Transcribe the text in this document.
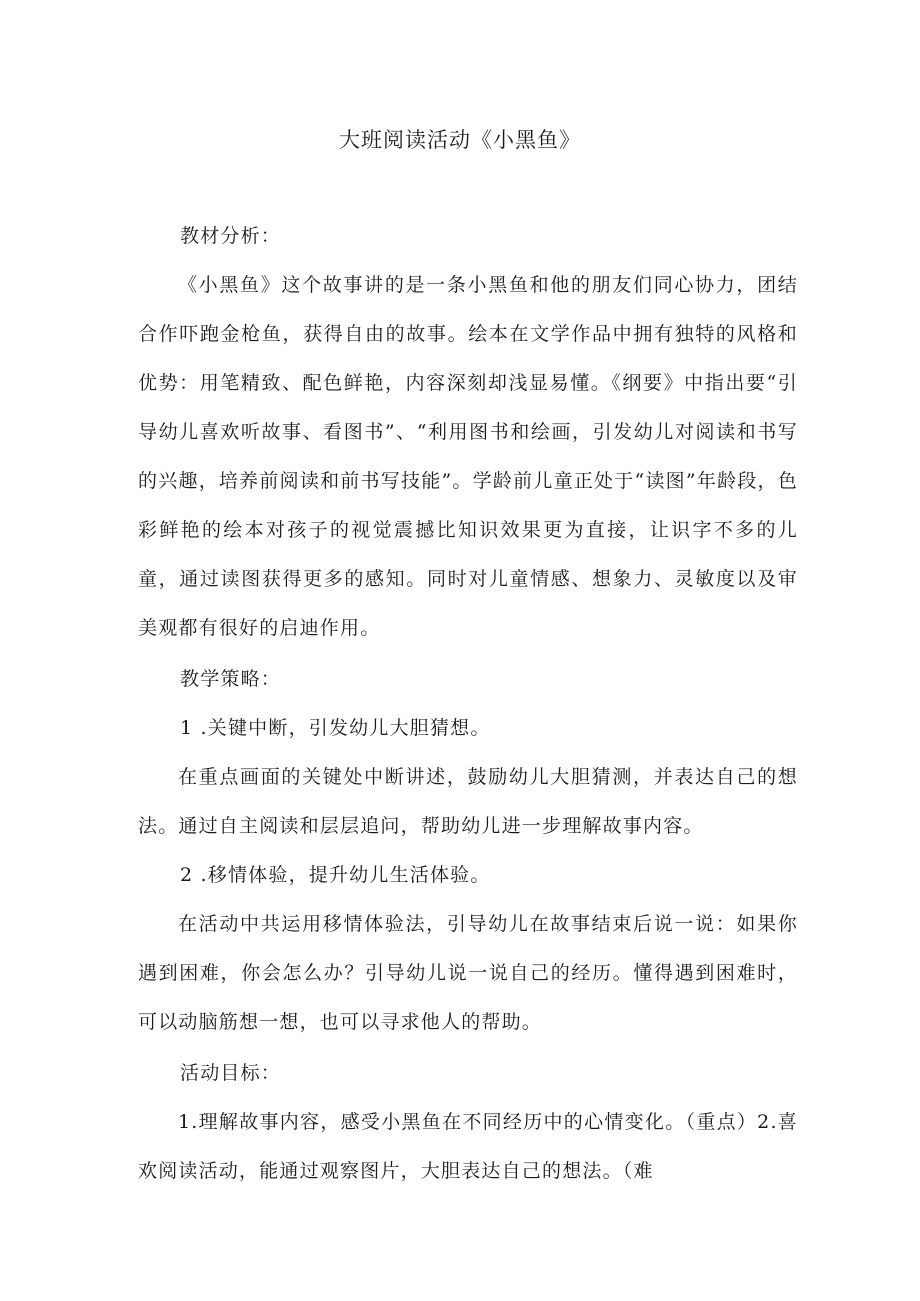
大班阅读活动《小黑鱼》

教材分析：

《小黑鱼》这个故事讲的是一条小黑鱼和他的朋友们同心协力，团结合作吓跑金枪鱼，获得自由的故事。绘本在文学作品中拥有独特的风格和优势：用笔精致、配色鲜艳，内容深刻却浅显易懂。《纲要》中指出要“引导幼儿喜欢听故事、看图书”、“利用图书和绘画，引发幼儿对阅读和书写的兴趣，培养前阅读和前书写技能”。学龄前儿童正处于“读图”年龄段，色彩鲜艳的绘本对孩子的视觉震撼比知识效果更为直接，让识字不多的儿童，通过读图获得更多的感知。同时对儿童情感、想象力、灵敏度以及审美观都有很好的启迪作用。

教学策略：

1 .关键中断，引发幼儿大胆猜想。

在重点画面的关键处中断讲述，鼓励幼儿大胆猜测，并表达自己的想法。通过自主阅读和层层追问，帮助幼儿进一步理解故事内容。

2 .移情体验，提升幼儿生活体验。

在活动中共运用移情体验法，引导幼儿在故事结束后说一说：如果你遇到困难，你会怎么办？引导幼儿说一说自己的经历。懂得遇到困难时，可以动脑筋想一想，也可以寻求他人的帮助。

活动目标：

1.理解故事内容，感受小黑鱼在不同经历中的心情变化。（重点）2.喜欢阅读活动，能通过观察图片，大胆表达自己的想法。（难
